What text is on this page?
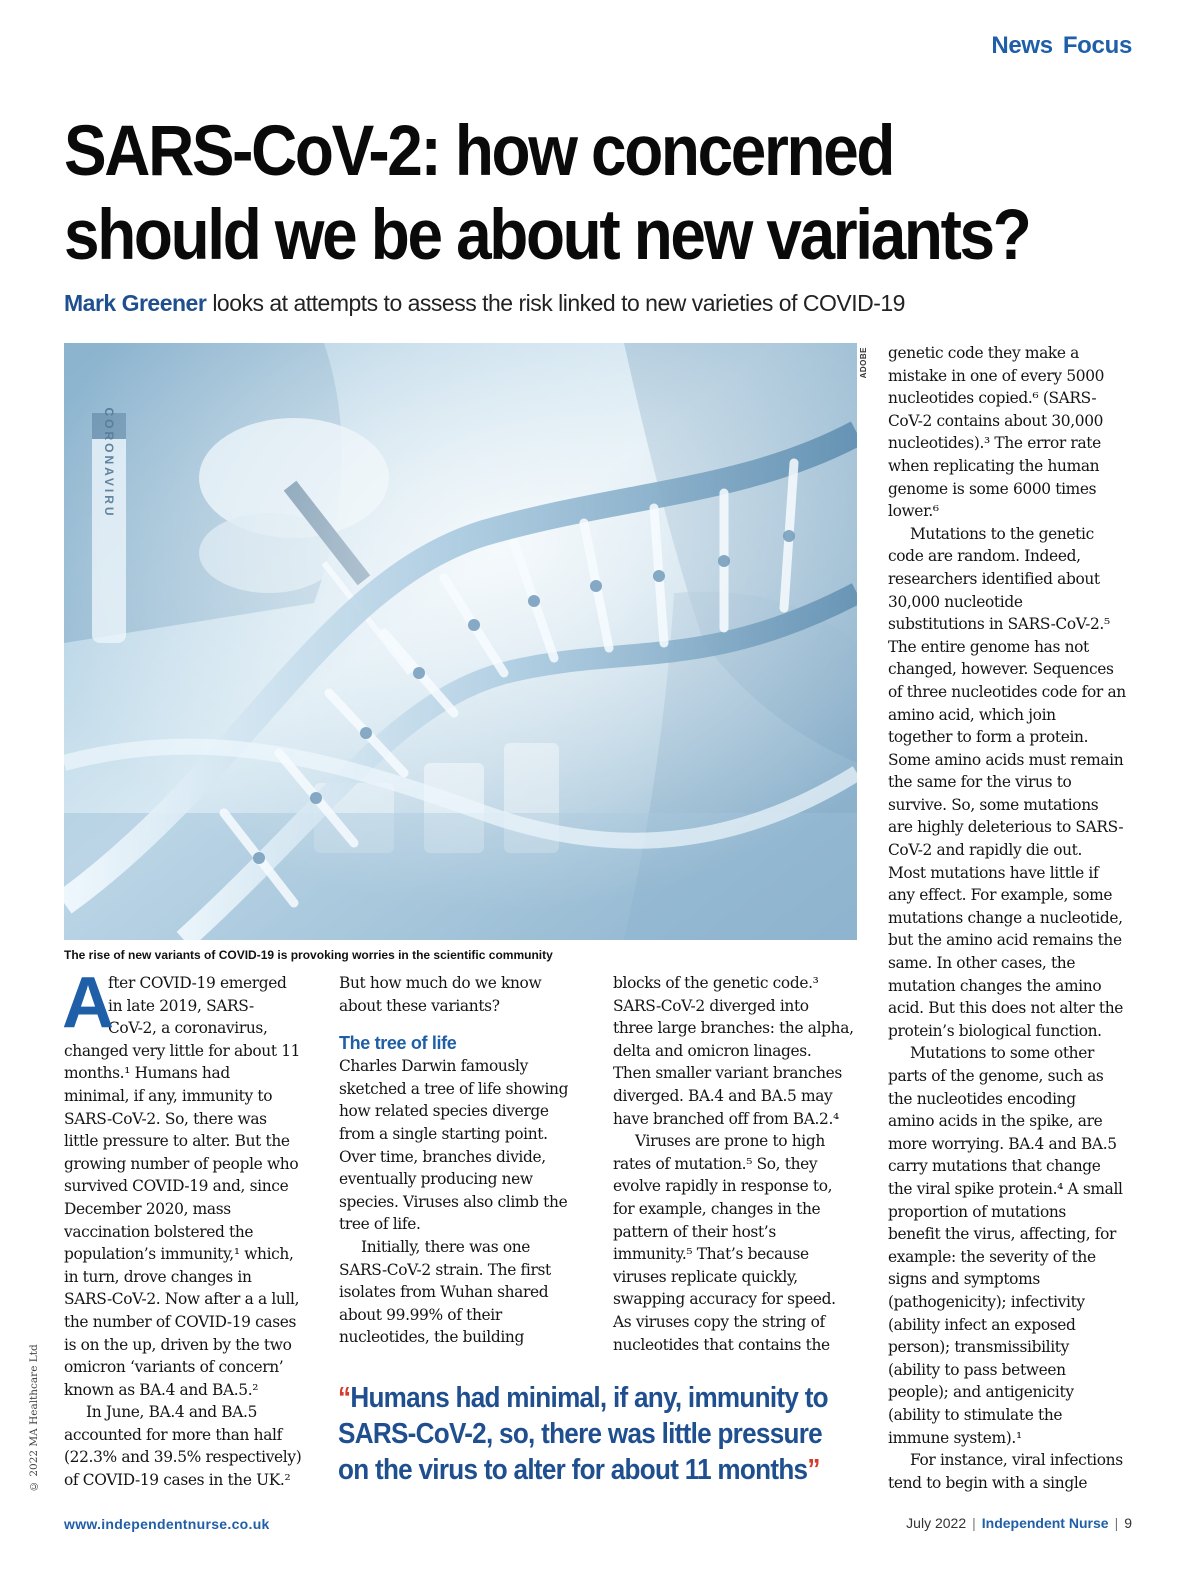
News Focus
SARS-CoV-2: how concerned
should we be about new variants?
Mark Greener looks at attempts to assess the risk linked to new varieties of COVID-19
ADOBE
The rise of new variants of COVID-19 is provoking worries in the scientific community
A
fter COVID-19 emerged
in late 2019, SARS-
CoV-2, a coronavirus,
changed very little for about 11
months.¹ Humans had
minimal, if any, immunity to
SARS-CoV-2. So, there was
little pressure to alter. But the
growing number of people who
survived COVID-19 and, since
December 2020, mass
vaccination bolstered the
population’s immunity,¹ which,
in turn, drove changes in
SARS-CoV-2. Now after a a lull,
the number of COVID-19 cases
is on the up, driven by the two
omicron ‘variants of concern’
known as BA.4 and BA.5.²
In June, BA.4 and BA.5
accounted for more than half
(22.3% and 39.5% respectively)
of COVID-19 cases in the UK.²
But how much do we know
about these variants?
The tree of life
Charles Darwin famously
sketched a tree of life showing
how related species diverge
from a single starting point.
Over time, branches divide,
eventually producing new
species. Viruses also climb the
tree of life.
Initially, there was one
SARS-CoV-2 strain. The first
isolates from Wuhan shared
about 99.99% of their
nucleotides, the building
blocks of the genetic code.³
SARS-CoV-2 diverged into
three large branches: the alpha,
delta and omicron linages.
Then smaller variant branches
diverged. BA.4 and BA.5 may
have branched off from BA.2.⁴
Viruses are prone to high
rates of mutation.⁵ So, they
evolve rapidly in response to,
for example, changes in the
pattern of their host’s
immunity.⁵ That’s because
viruses replicate quickly,
swapping accuracy for speed.
As viruses copy the string of
nucleotides that contains the
genetic code they make a
mistake in one of every 5000
nucleotides copied.⁶ (SARS-
CoV-2 contains about 30,000
nucleotides).³ The error rate
when replicating the human
genome is some 6000 times
lower.⁶
Mutations to the genetic
code are random. Indeed,
researchers identified about
30,000 nucleotide
substitutions in SARS-CoV-2.⁵
The entire genome has not
changed, however. Sequences
of three nucleotides code for an
amino acid, which join
together to form a protein.
Some amino acids must remain
the same for the virus to
survive. So, some mutations
are highly deleterious to SARS-
CoV-2 and rapidly die out.
Most mutations have little if
any effect. For example, some
mutations change a nucleotide,
but the amino acid remains the
same. In other cases, the
mutation changes the amino
acid. But this does not alter the
protein’s biological function.
Mutations to some other
parts of the genome, such as
the nucleotides encoding
amino acids in the spike, are
more worrying. BA.4 and BA.5
carry mutations that change
the viral spike protein.⁴ A small
proportion of mutations
benefit the virus, affecting, for
example: the severity of the
signs and symptoms
(pathogenicity); infectivity
(ability infect an exposed
person); transmissibility
(ability to pass between
people); and antigenicity
(ability to stimulate the
immune system).¹
For instance, viral infections
tend to begin with a single
“Humans had minimal, if any, immunity to
SARS-CoV-2, so, there was little pressure
on the virus to alter for about 11 months”
© 2022 MA Healthcare Ltd
www.independentnurse.co.uk	July 2022 | Independent Nurse | 9
